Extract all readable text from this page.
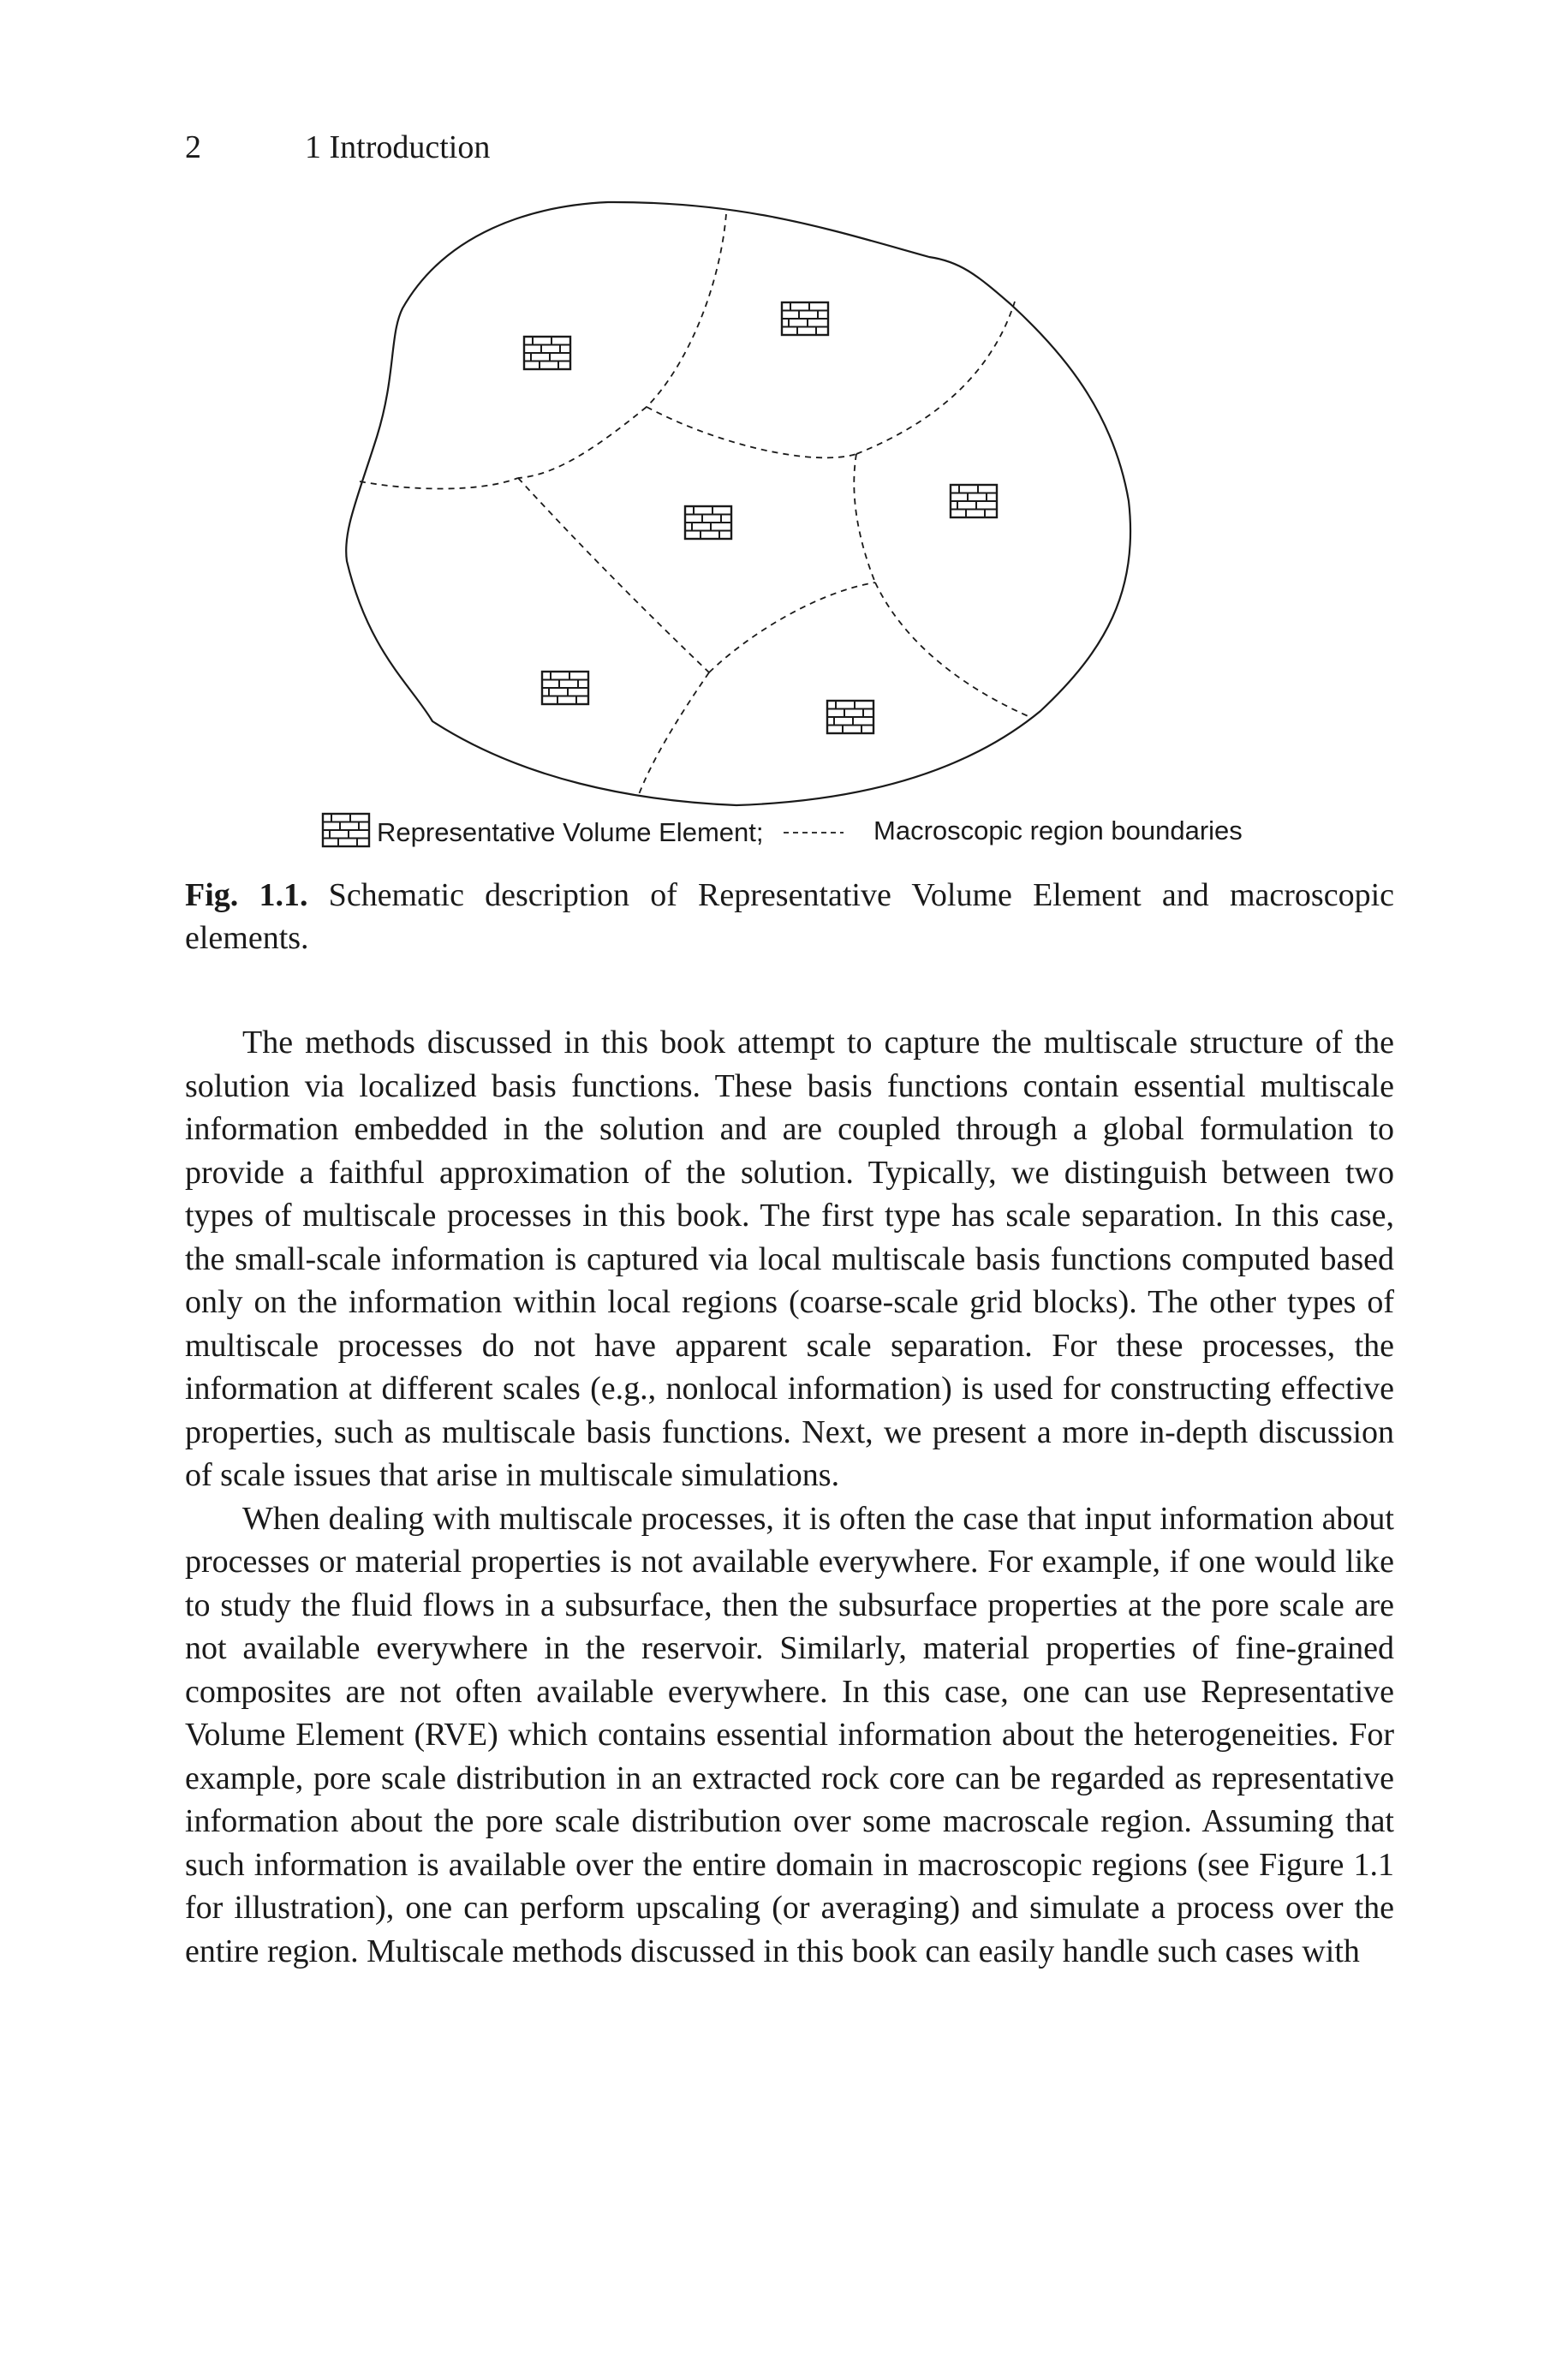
2	1 Introduction
Representative Volume Element;	Macroscopic region boundaries
Fig. 1.1. Schematic description of Representative Volume Element and macroscopic elements.

The methods discussed in this book attempt to capture the multiscale structure of the solution via localized basis functions. These basis functions contain essential multiscale information embedded in the solution and are coupled through a global formulation to provide a faithful approximation of the solution. Typically, we distinguish between two types of multiscale processes in this book. The first type has scale separation. In this case, the small-scale information is captured via local multiscale basis functions computed based only on the information within local regions (coarse-scale grid blocks). The other types of multiscale processes do not have apparent scale separation. For these processes, the information at different scales (e.g., nonlocal information) is used for constructing effective properties, such as multiscale basis functions. Next, we present a more in-depth discussion of scale issues that arise in multiscale simulations.

When dealing with multiscale processes, it is often the case that input information about processes or material properties is not available everywhere. For example, if one would like to study the fluid flows in a subsurface, then the subsurface properties at the pore scale are not available everywhere in the reservoir. Similarly, material properties of fine-grained composites are not often available everywhere. In this case, one can use Representative Volume Element (RVE) which contains essential information about the heterogeneities. For example, pore scale distribution in an extracted rock core can be regarded as representative information about the pore scale distribution over some macroscale region. Assuming that such information is available over the entire domain in macroscopic regions (see Figure 1.1 for illustration), one can perform upscaling (or averaging) and simulate a process over the entire region. Multiscale methods discussed in this book can easily handle such cases with
